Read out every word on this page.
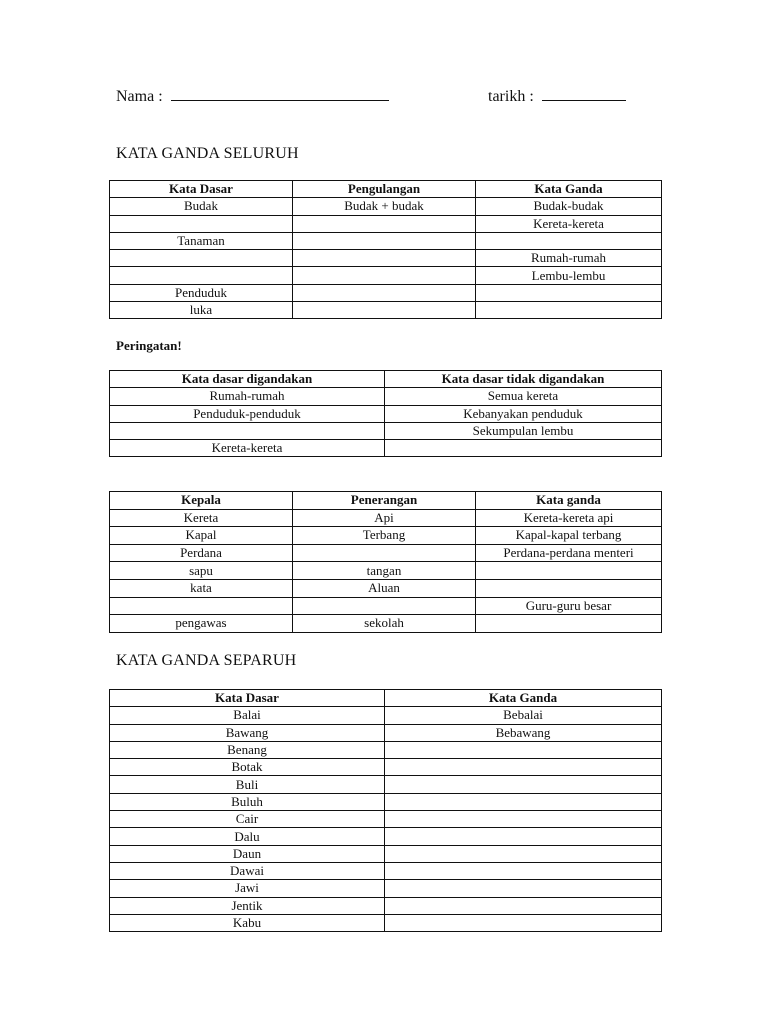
Nama :	tarikh :
KATA GANDA SELURUH
Kata Dasar	Pengulangan	Kata Ganda
Budak	Budak + budak	Budak-budak
		Kereta-kereta
Tanaman		
		Rumah-rumah
		Lembu-lembu
Penduduk		
luka		
Peringatan!
Kata dasar digandakan	Kata dasar tidak digandakan
Rumah-rumah	Semua kereta
Penduduk-penduduk	Kebanyakan penduduk
	Sekumpulan lembu
Kereta-kereta	
Kepala	Penerangan	Kata ganda
Kereta	Api	Kereta-kereta api
Kapal	Terbang	Kapal-kapal terbang
Perdana		Perdana-perdana menteri
sapu	tangan	
kata	Aluan	
		Guru-guru besar
pengawas	sekolah	
KATA GANDA SEPARUH
Kata Dasar	Kata Ganda
Balai	Bebalai
Bawang	Bebawang
Benang	
Botak	
Buli	
Buluh	
Cair	
Dalu	
Daun	
Dawai	
Jawi	
Jentik	
Kabu	
